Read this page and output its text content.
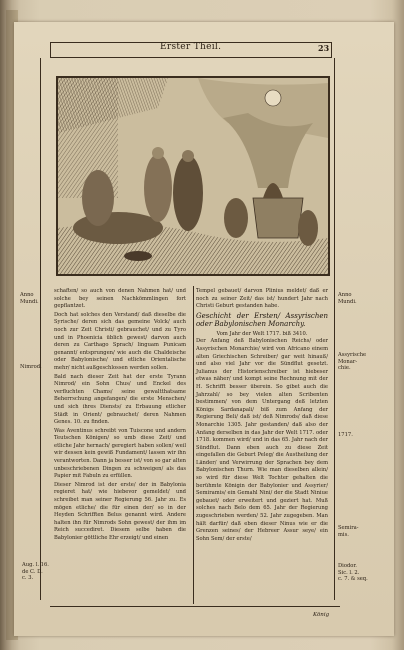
Erster Theil.	23
Anno
Mundi.
Nimrod.
Aug. l. 16.
de C. D.
c. 3.
Anno
Mundi.
Assyrische
Monar-
chie.
1717.
Semira-
mis.
Diodor.
Sic. l. 2.
c. 7. & seq.

schaften/ so auch von denen Nahmen hat/ und solche bey seinen Nachkömmlingen fort gepflantzet.

Doch hat solches den Verstand/ daß dieselbe die Syrische/ deren sich das gemeine Volck/ auch noch zur Zeit Christi/ gebrauchet/ und zu Tyro und in Phoenicia üblich gewest/ darvon auch deren zu Carthago Sprach/ linguam Punicam genannt/ entsprungen/ wie auch die Chaldeische oder Babylonische/ und etliche Orientalische mehr/ nicht außgeschlossen werden sollen.

Bald nach dieser Zeit hat der erste Tyrann Nimrod/ ein Sohn Chus/ und Enckel des verfluchten Chams/ seine gewaltthatsame Beherrschung angefangen/ die erste Menschen/ und sich ihres Diensts/ zu Erbauung etlicher Städt in Orient/ gebrauchet/ deren Nahmen Genes. 10. zu finden.

Was Aventinus schreibt von Tuiscone und andern Teutschen Königen/ so umb diese Zeit/ und etliche Jahr hernach/ geregiert haben sollen/ weil wir dessen kein gewiß Fundament/ lassen wir ihn verantworten. Dann ja besser ist/ von so gar alten unbeschriebenen Dingen zu schweigen/ als das Papier mit Fabuln zu erfüllen.

Dieser Nimrod ist der erste/ der in Babylonia regieret hat/ wie hiebevor gemeldet/ und schreibet man seiner Regierung 56. Jahr zu. Es mögen etliche/ die für einen der/ so in der Heyden Schrifften Belus genannt wird. Andere halten ihn für Nimrods Sohn gewest/ der ihm im Reich succediret. Diesem selbe haben die Babylonier göttliche Ehr erzeigt/ und einen

Tempel gebauet/ darvon Plinius meldet/ daß er noch zu seiner Zeit/ das ist/ hundert Jahr nach Christi Geburt gestanden habe.

Geschicht der Ersten/ Assyrischen oder Babylonischen Monarchy.
Vom Jahr der Welt 1717. biß 3410.

Der Anfang deß Babylonischen Reichs/ oder Assyrischen Monarchie/ wird von Africano einem alten Griechischen Schreiber/ gar weit hinauß/ und also viel Jahr vor die Sündflut gesetzt. Julianus der Historienschreiber ist hiebeser etwas näher/ und kompt seine Rechnung mit der H. Schrifft besser überein. So gibet auch die Jahrzahl/ so bey vielen alten Scribenten bestimmen/ von dem Untergang deß letzten Königs Sardanapali/ biß zum Anfang der Regierung Beli/ daß ist/ deß Nimrods/ daß diese Monarchie 1305. Jahr gestanden/ daß also der Anfang derselben in das Jahr der Welt 1717. oder 1718. kommen wird/ und in das 65. Jahr nach der Sündflut. Dann eben auch zu diese Zeit eingefallen die Geburt Peleg/ die Austheilung der Länder/ und Verwirrung der Sprachen bey dem Babylonischen Thurn. Wie man dieselben allein/ so wird für diese Welt Tochter gehalten die berühmte Königin der Babylonier und Assyrier/ Semiramis/ ein Gemahl Nini/ der die Stadt Niniue gebauet/ oder erweitert und geziert hat. Muß solches nach Belo dem 65. Jahr der Regierung zugeschrieben werden/ 52. Jahr zugegeben. Man hält darfür/ daß eben dieser Ninus wie er die Grenzen seines/ der Hebreer Assur seye/ ein Sohn Sem/ der erste/

König
